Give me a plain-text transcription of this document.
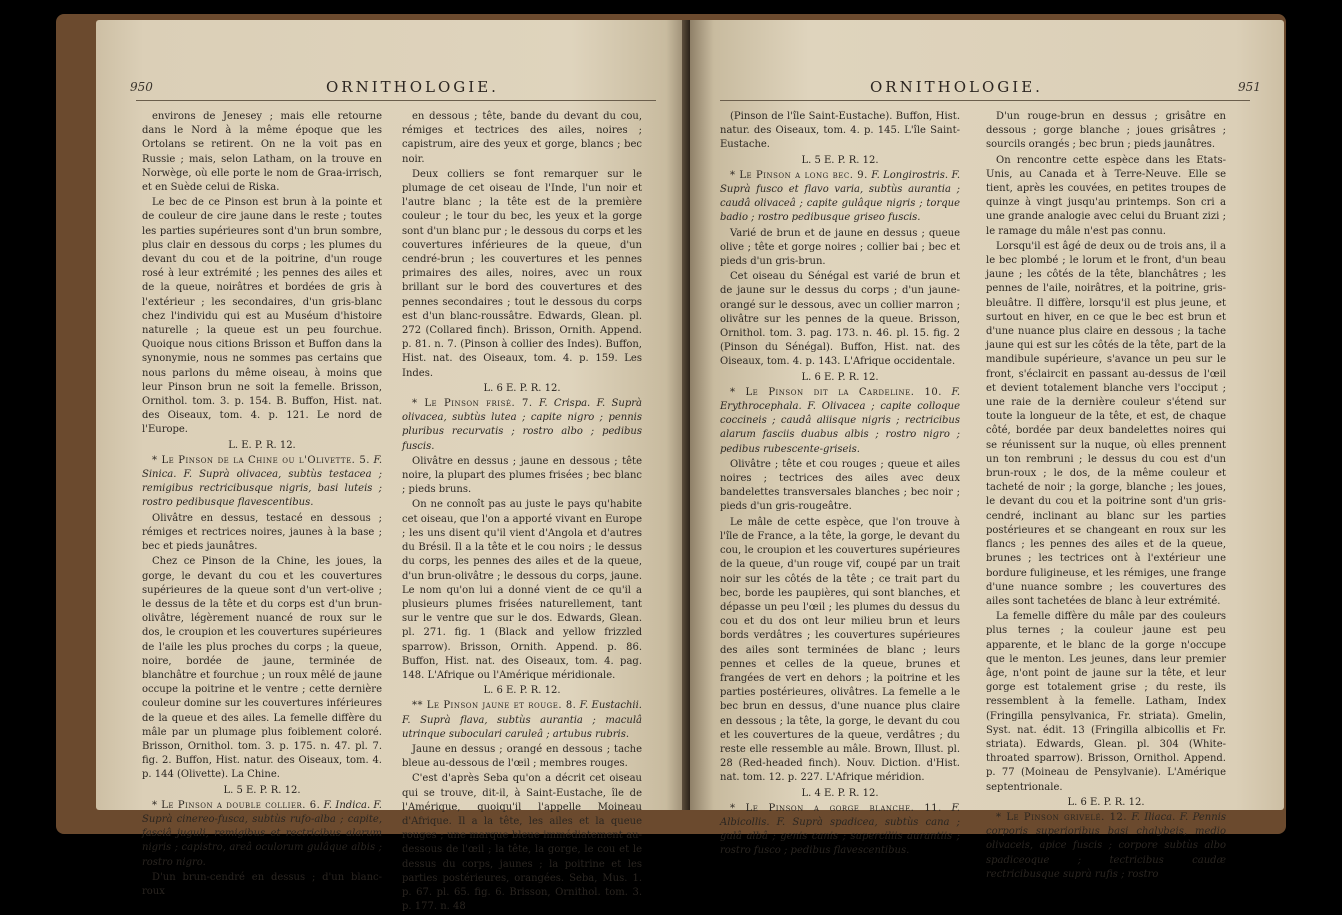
950	ORNITHOLOGIE.

environs de Jenesey ; mais elle retourne dans le Nord à la même époque que les Ortolans se retirent. On ne la voit pas en Russie ; mais, selon Latham, on la trouve en Norwège, où elle porte le nom de Graa-irrisch, et en Suède celui de Riska.

Le bec de ce Pinson est brun à la pointe et de couleur de cire jaune dans le reste ; toutes les parties supérieures sont d'un brun sombre, plus clair en dessous du corps ; les plumes du devant du cou et de la poitrine, d'un rouge rosé à leur extrémité ; les pennes des ailes et de la queue, noirâtres et bordées de gris à l'extérieur ; les secondaires, d'un gris-blanc chez l'individu qui est au Muséum d'histoire naturelle ; la queue est un peu fourchue. Quoique nous citions Brisson et Buffon dans la synonymie, nous ne sommes pas certains que nous parlons du même oiseau, à moins que leur Pinson brun ne soit la femelle. Brisson, Ornithol. tom. 3. p. 154. B. Buffon, Hist. nat. des Oiseaux, tom. 4. p. 121. Le nord de l'Europe.

L. E. P. R. 12.

* Le Pinson de la Chine ou l'Olivette. 5. F. Sinica. F. Suprà olivacea, subtùs testacea ; remigibus rectricibusque nigris, basi luteis ; rostro pedibusque flavescentibus.

Olivâtre en dessus, testacé en dessous ; rémiges et rectrices noires, jaunes à la base ; bec et pieds jaunâtres.

Chez ce Pinson de la Chine, les joues, la gorge, le devant du cou et les couvertures supérieures de la queue sont d'un vert-olive ; le dessus de la tête et du corps est d'un brun-olivâtre, légèrement nuancé de roux sur le dos, le croupion et les couvertures supérieures de l'aile les plus proches du corps ; la queue, noire, bordée de jaune, terminée de blanchâtre et fourchue ; un roux mêlé de jaune occupe la poitrine et le ventre ; cette dernière couleur domine sur les couvertures inférieures de la queue et des ailes. La femelle diffère du mâle par un plumage plus foiblement coloré. Brisson, Ornithol. tom. 3. p. 175. n. 47. pl. 7. fig. 2. Buffon, Hist. natur. des Oiseaux, tom. 4. p. 144 (Olivette). La Chine.

L. 5 E. P. R. 12.

* Le Pinson a double collier. 6. F. Indica. F. Suprà cinereo-fusca, subtùs rufo-alba ; capite, fasciâ juguli, remigibus et rectricibus alarum nigris ; capistro, areâ oculorum gulâque albis ; rostro nigro.

D'un brun-cendré en dessus ; d'un blanc-roux

en dessous ; tête, bande du devant du cou, rémiges et tectrices des ailes, noires ; capistrum, aire des yeux et gorge, blancs ; bec noir.

Deux colliers se font remarquer sur le plumage de cet oiseau de l'Inde, l'un noir et l'autre blanc ; la tête est de la première couleur ; le tour du bec, les yeux et la gorge sont d'un blanc pur ; le dessous du corps et les couvertures inférieures de la queue, d'un cendré-brun ; les couvertures et les pennes primaires des ailes, noires, avec un roux brillant sur le bord des couvertures et des pennes secondaires ; tout le dessous du corps est d'un blanc-roussâtre. Edwards, Glean. pl. 272 (Collared finch). Brisson, Ornith. Append. p. 81. n. 7. (Pinson à collier des Indes). Buffon, Hist. nat. des Oiseaux, tom. 4. p. 159. Les Indes.

L. 6 E. P. R. 12.

* Le Pinson frisé. 7. F. Crispa. F. Suprà olivacea, subtùs lutea ; capite nigro ; pennis pluribus recurvatis ; rostro albo ; pedibus fuscis.

Olivâtre en dessus ; jaune en dessous ; tête noire, la plupart des plumes frisées ; bec blanc ; pieds bruns.

On ne connoît pas au juste le pays qu'habite cet oiseau, que l'on a apporté vivant en Europe ; les uns disent qu'il vient d'Angola et d'autres du Brésil. Il a la tête et le cou noirs ; le dessus du corps, les pennes des ailes et de la queue, d'un brun-olivâtre ; le dessous du corps, jaune. Le nom qu'on lui a donné vient de ce qu'il a plusieurs plumes frisées naturellement, tant sur le ventre que sur le dos. Edwards, Glean. pl. 271. fig. 1 (Black and yellow frizzled sparrow). Brisson, Ornith. Append. p. 86. Buffon, Hist. nat. des Oiseaux, tom. 4. pag. 148. L'Afrique ou l'Amérique méridionale.

L. 6 E. P. R. 12.

** Le Pinson jaune et rouge. 8. F. Eustachii. F. Suprà flava, subtùs aurantia ; maculâ utrinque suboculari caruleâ ; artubus rubris.

Jaune en dessus ; orangé en dessous ; tache bleue au-dessous de l'œil ; membres rouges.

C'est d'après Seba qu'on a décrit cet oiseau qui se trouve, dit-il, à Saint-Eustache, île de l'Amérique, quoiqu'il l'appelle Moineau d'Afrique. Il a la tête, les ailes et la queue rouges ; une marque bleue immédiatement au-dessous de l'œil ; la tête, la gorge, le cou et le dessus du corps, jaunes ; la poitrine et les parties postérieures, orangées. Seba, Mus. 1. p. 67. pl. 65. fig. 6. Brisson, Ornithol. tom. 3. p. 177. n. 48

ORNITHOLOGIE.	951

(Pinson de l'île Saint-Eustache). Buffon, Hist. natur. des Oiseaux, tom. 4. p. 145. L'île Saint-Eustache.

L. 5 E. P. R. 12.

* Le Pinson a long bec. 9. F. Longirostris. F. Suprà fusco et flavo varia, subtùs aurantia ; caudâ olivaceâ ; capite gulâque nigris ; torque badio ; rostro pedibusque griseo fuscis.

Varié de brun et de jaune en dessus ; queue olive ; tête et gorge noires ; collier bai ; bec et pieds d'un gris-brun.

Cet oiseau du Sénégal est varié de brun et de jaune sur le dessus du corps ; d'un jaune-orangé sur le dessous, avec un collier marron ; olivâtre sur les pennes de la queue. Brisson, Ornithol. tom. 3. pag. 173. n. 46. pl. 15. fig. 2 (Pinson du Sénégal). Buffon, Hist. nat. des Oiseaux, tom. 4. p. 143. L'Afrique occidentale.

L. 6 E. P. R. 12.

* Le Pinson dit la Cardeline. 10. F. Erythrocephala. F. Olivacea ; capite colloque coccineis ; caudâ aliisque nigris ; rectricibus alarum fasciis duabus albis ; rostro nigro ; pedibus rubescente-griseis.

Olivâtre ; tête et cou rouges ; queue et ailes noires ; tectrices des ailes avec deux bandelettes transversales blanches ; bec noir ; pieds d'un gris-rougeâtre.

Le mâle de cette espèce, que l'on trouve à l'île de France, a la tête, la gorge, le devant du cou, le croupion et les couvertures supérieures de la queue, d'un rouge vif, coupé par un trait noir sur les côtés de la tête ; ce trait part du bec, borde les paupières, qui sont blanches, et dépasse un peu l'œil ; les plumes du dessus du cou et du dos ont leur milieu brun et leurs bords verdâtres ; les couvertures supérieures des ailes sont terminées de blanc ; leurs pennes et celles de la queue, brunes et frangées de vert en dehors ; la poitrine et les parties postérieures, olivâtres. La femelle a le bec brun en dessus, d'une nuance plus claire en dessous ; la tête, la gorge, le devant du cou et les couvertures de la queue, verdâtres ; du reste elle ressemble au mâle. Brown, Illust. pl. 28 (Red-headed finch). Nouv. Diction. d'Hist. nat. tom. 12. p. 227. L'Afrique méridion.

L. 4 E. P. R. 12.

* Le Pinson a gorge blanche. 11. F. Albicollis. F. Suprà spadicea, subtùs cana ; gulâ albâ ; genis canis ; superciliis aurantiis ; rostro fusco ; pedibus flavescentibus.

D'un rouge-brun en dessus ; grisâtre en dessous ; gorge blanche ; joues grisâtres ; sourcils orangés ; bec brun ; pieds jaunâtres.

On rencontre cette espèce dans les Etats-Unis, au Canada et à Terre-Neuve. Elle se tient, après les couvées, en petites troupes de quinze à vingt jusqu'au printemps. Son cri a une grande analogie avec celui du Bruant zizi ; le ramage du mâle n'est pas connu.

Lorsqu'il est âgé de deux ou de trois ans, il a le bec plombé ; le lorum et le front, d'un beau jaune ; les côtés de la tête, blanchâtres ; les pennes de l'aile, noirâtres, et la poitrine, gris-bleuâtre. Il diffère, lorsqu'il est plus jeune, et surtout en hiver, en ce que le bec est brun et d'une nuance plus claire en dessous ; la tache jaune qui est sur les côtés de la tête, part de la mandibule supérieure, s'avance un peu sur le front, s'éclaircit en passant au-dessus de l'œil et devient totalement blanche vers l'occiput ; une raie de la dernière couleur s'étend sur toute la longueur de la tête, et est, de chaque côté, bordée par deux bandelettes noires qui se réunissent sur la nuque, où elles prennent un ton rembruni ; le dessus du cou est d'un brun-roux ; le dos, de la même couleur et tacheté de noir ; la gorge, blanche ; les joues, le devant du cou et la poitrine sont d'un gris-cendré, inclinant au blanc sur les parties postérieures et se changeant en roux sur les flancs ; les pennes des ailes et de la queue, brunes ; les tectrices ont à l'extérieur une bordure fuligineuse, et les rémiges, une frange d'une nuance sombre ; les couvertures des ailes sont tachetées de blanc à leur extrémité.

La femelle diffère du mâle par des couleurs plus ternes ; la couleur jaune est peu apparente, et le blanc de la gorge n'occupe que le menton. Les jeunes, dans leur premier âge, n'ont point de jaune sur la tête, et leur gorge est totalement grise ; du reste, ils ressemblent à la femelle. Latham, Index (Fringilla pensylvanica, Fr. striata). Gmelin, Syst. nat. édit. 13 (Fringilla albicollis et Fr. striata). Edwards, Glean. pl. 304 (White-throated sparrow). Brisson, Ornithol. Append. p. 77 (Moineau de Pensylvanie). L'Amérique septentrionale.

L. 6 E. P. R. 12.

* Le Pinson grivelé. 12. F. Iliaca. F. Pennis corporis superioribus basi chalybeis, medio olivaceis, apice fuscis ; corpore subtùs albo spadiceoque ; tectricibus caudæ rectricibusque suprà rufis ; rostro
